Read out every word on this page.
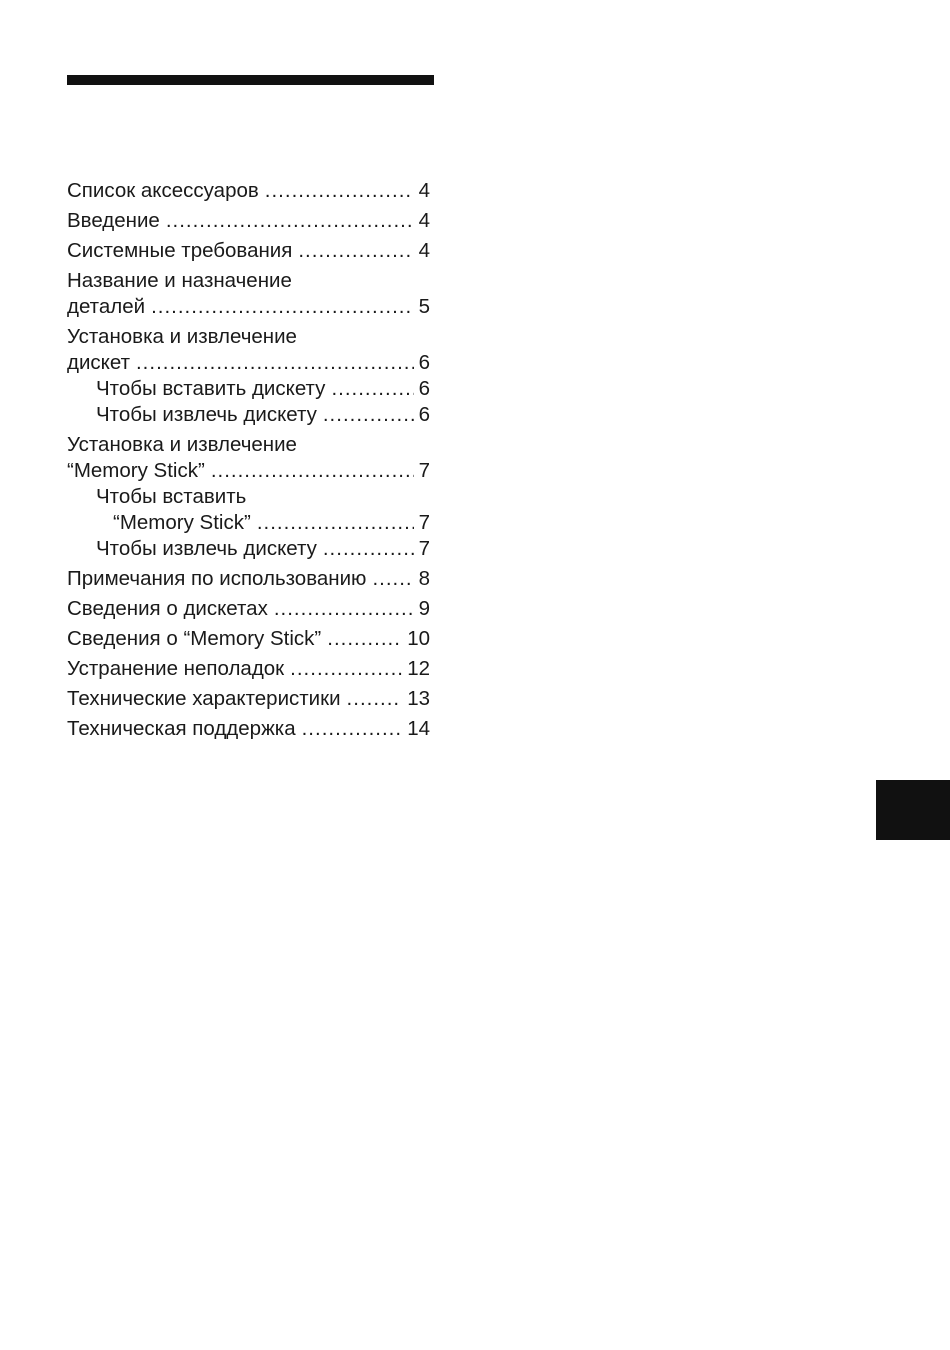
Список аксессуаров .....	4
Введение .....	4
Системные требования .....	4
Название и назначение
деталей .....	5
Установка и извлечение
дискет .....	6
Чтобы вставить дискету .....	6
Чтобы извлечь дискету .....	6
Установка и извлечение
“Memory Stick” .....	7
Чтобы вставить
“Memory Stick” .....	7
Чтобы извлечь дискету .....	7
Примечания по использованию .....	8
Сведения о дискетах .....	9
Сведения о “Memory Stick” .....	10
Устранение неполадок .....	12
Технические характеристики .....	13
Техническая поддержка .....	14
